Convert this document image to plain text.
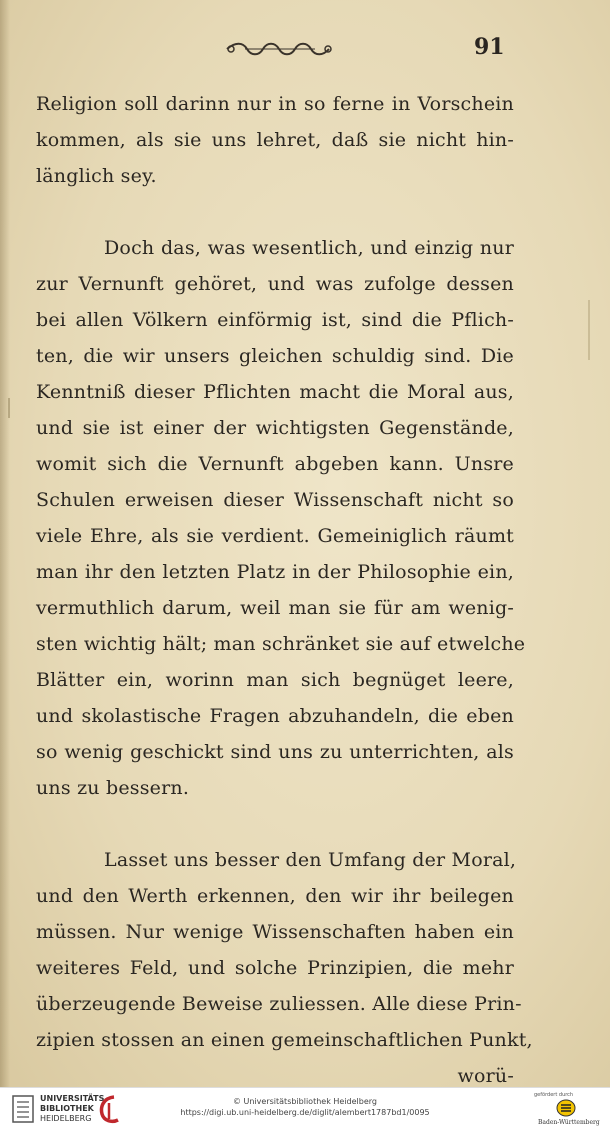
91
Religion soll darinn nur in so ferne in Vorschein
kommen, als sie uns lehret, daß sie nicht hin-
länglich sey.
Doch das, was wesentlich, und einzig nur
zur Vernunft gehöret, und was zufolge dessen
bei allen Völkern einförmig ist, sind die Pflich-
ten, die wir unsers gleichen schuldig sind. Die
Kenntniß dieser Pflichten macht die Moral aus,
und sie ist einer der wichtigsten Gegenstände,
womit sich die Vernunft abgeben kann. Unsre
Schulen erweisen dieser Wissenschaft nicht so
viele Ehre, als sie verdient. Gemeiniglich räumt
man ihr den letzten Platz in der Philosophie ein,
vermuthlich darum, weil man sie für am wenig-
sten wichtig hält; man schränket sie auf etwelche
Blätter ein, worinn man sich begnüget leere,
und skolastische Fragen abzuhandeln, die eben
so wenig geschickt sind uns zu unterrichten, als
uns zu bessern.
Lasset uns besser den Umfang der Moral,
und den Werth erkennen, den wir ihr beilegen
müssen. Nur wenige Wissenschaften haben ein
weiteres Feld, und solche Prinzipien, die mehr
überzeugende Beweise zuliessen. Alle diese Prin-
zipien stossen an einen gemeinschaftlichen Punkt,
worü-
UNIVERSITÄTS-
BIBLIOTHEK
HEIDELBERG
© Universitätsbibliothek Heidelberg
https://digi.ub.uni-heidelberg.de/diglit/alembert1787bd1/0095
gefördert durch
Baden-Württemberg
